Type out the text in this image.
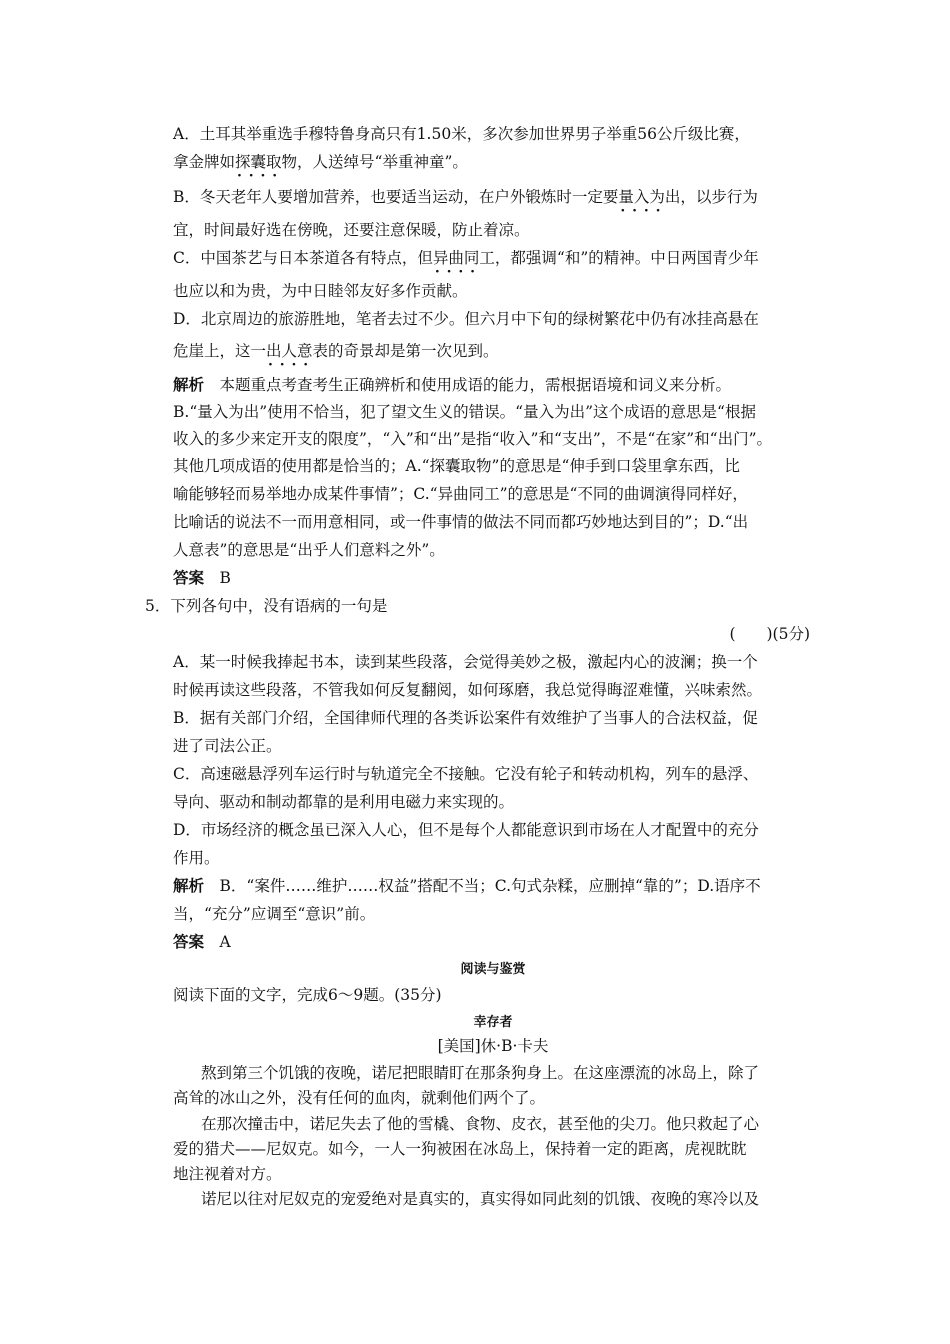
A．土耳其举重选手穆特鲁身高只有1.50米，多次参加世界男子举重56公斤级比赛，
拿金牌如探囊取物 · · · ·，人送绰号“举重神童”。
B．冬天老年人要增加营养，也要适当运动，在户外锻炼时一定要量入为出 · · · ·，以步行为
宜，时间最好选在傍晚，还要注意保暖，防止着凉。
C．中国茶艺与日本茶道各有特点，但异曲同工 · · · ·，都强调“和”的精神。中日两国青少年
也应以和为贵，为中日睦邻友好多作贡献。
D．北京周边的旅游胜地，笔者去过不少。但六月中下旬的绿树繁花中仍有冰挂高悬在
危崖上，这一出人意表 · · · ·的奇景却是第一次见到。
解析　 本题重点考查考生正确辨析和使用成语的能力，需根据语境和词义来分析。
B.“量入为出”使用不恰当，犯了望文生义的错误。“量入为出”这个成语的意思是“根据
收入的多少来定开支的限度”，“入”和“出”是指“收入”和“支出”，不是“在家”和“出门”。
其他几项成语的使用都是恰当的；A.“探囊取物”的意思是“伸手到口袋里拿东西，比
喻能够轻而易举地办成某件事情”；C.“异曲同工”的意思是“不同的曲调演得同样好，
比喻话的说法不一而用意相同，或一件事情的做法不同而都巧妙地达到目的”；D.“出
人意表”的意思是“出乎人们意料之外”。
答案　 B
5．下列各句中，没有语病的一句是
(　　)(5分)
A．某一时候我捧起书本，读到某些段落，会觉得美妙之极，激起内心的波澜；换一个
时候再读这些段落，不管我如何反复翻阅，如何琢磨，我总觉得晦涩难懂，兴味索然。
B．据有关部门介绍，全国律师代理的各类诉讼案件有效维护了当事人的合法权益，促
进了司法公正。
C．高速磁悬浮列车运行时与轨道完全不接触。它没有轮子和转动机构，列车的悬浮、
导向、驱动和制动都靠的是利用电磁力来实现的。
D．市场经济的概念虽已深入人心，但不是每个人都能意识到市场在人才配置中的充分
作用。
解析　 B．“案件……维护……权益”搭配不当；C.句式杂糅，应删掉“靠的”；D.语序不
当，“充分”应调至“意识”前。
答案　 A
阅读与鉴赏
阅读下面的文字，完成6～9题。(35分)
幸存者
[美国]休·B·卡夫
熬到第三个饥饿的夜晚，诺尼把眼睛盯在那条狗身上。在这座漂流的冰岛上，除了
高耸的冰山之外，没有任何的血肉，就剩他们两个了。
在那次撞击中，诺尼失去了他的雪橇、食物、皮衣，甚至他的尖刀。他只救起了心
爱的猎犬——尼奴克。如今，一人一狗被困在冰岛上，保持着一定的距离，虎视眈眈
地注视着对方。
诺尼以往对尼奴克的宠爱绝对是真实的，真实得如同此刻的饥饿、夜晚的寒冷以及
